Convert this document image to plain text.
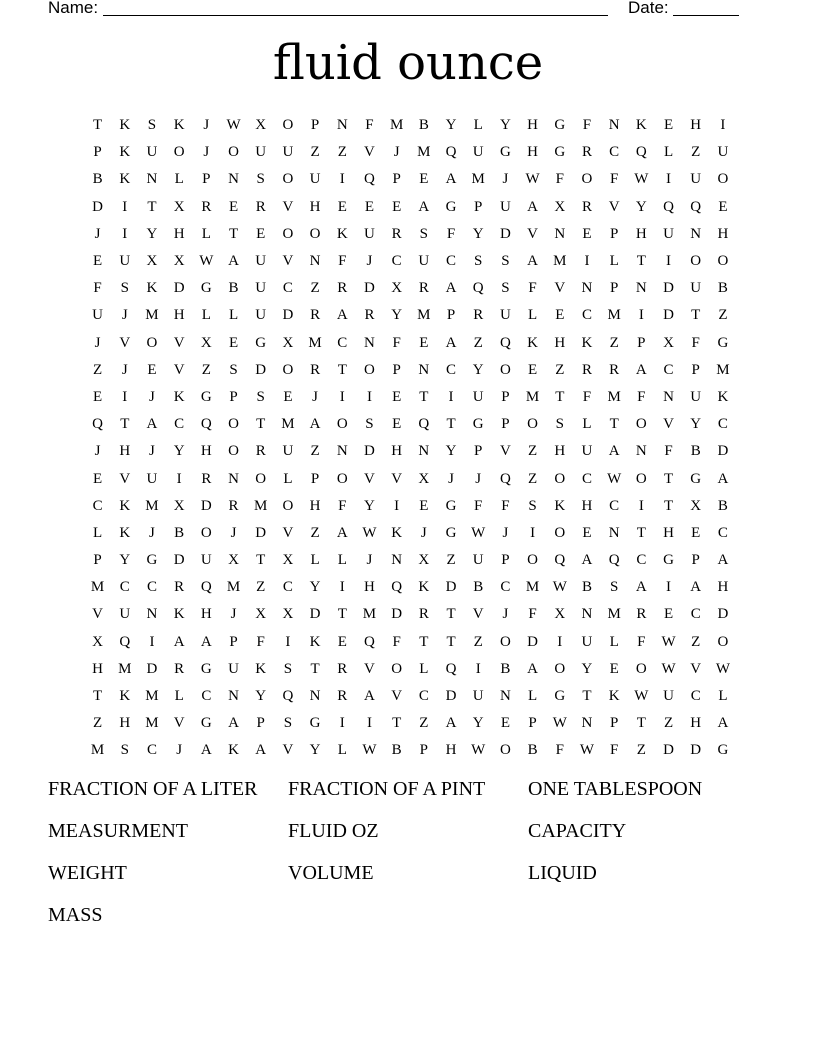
Name:	Date:
fluid ounce
T	K	S	K	J	W X	O	P	N	F	M	B	Y	L	Y	H	G	F	N	K	E	H	I
P	K	U	O	J	O	U	U	Z	Z	V	J	M	Q	U	G	H	G	R	C	Q	L	Z	U
B	K	N	L	P	N	S	O	U	I	Q	P	E	A	M	J	W	F	O	F	W	I	U	O
D	I	T	X	R	E	R	V	H	E	E	E	A	G	P	U	A	X	R	V	Y	Q	Q	E
J	I	Y	H	L	T	E	O	O	K	U	R	S	F	Y	D	V	N	E	P	H	U	N	H
E	U	X	X W A	U	V	N	F	J	C	U	C	S	S	A	M	I	L	T	I	O	O
F	S	K	D	G	B	U	C	Z	R	D	X	R	A	Q	S	F	V	N	P	N	D	U	B
U	J	M	H	L	L	U	D	R	A	R	Y	M	P	R	U	L	E	C	M	I	D	T	Z
J	V	O	V	X	E	G	X	M	C	N	F	E	A	Z	Q	K	H	K	Z	P	X	F	G
Z	J	E	V	Z	S	D	O	R	T	O	P	N	C	Y	O	E	Z	R	R	A	C	P	M
E	I	J	K	G	P	S	E	J	I	I	E	T	I	U	P	M	T	F	M	F	N	U	K
Q	T	A	C	Q	O	T	M	A	O	S	E	Q	T	G	P	O	S	L	T	O	V	Y	C
J	H	J	Y	H	O	R	U	Z	N	D	H	N	Y	P	V	Z	H	U	A	N	F	B	D
E	V	U	I	R	N	O	L	P	O	V	V	X	J	J	Q	Z	O	C	W O	T	G	A
C	K	M	X	D	R	M	O	H	F	Y	I	E	G	F	F	S	K	H	C	I	T	X	B
L	K	J	B	O	J	D	V	Z	A W K	J	G W	J	I	O	E	N	T	H	E	C
P	Y	G	D	U	X	T	X	L	L	J	N	X	Z	U	P	O	Q	A	Q	C	G	P	A
M	C	C	R	Q	M	Z	C	Y	I	H	Q	K	D	B	C	M W	B	S	A	I	A	H
V	U	N	K	H	J	X	X	D	T	M	D	R	T	V	J	F	X	N	M	R	E	C	D
X	Q	I	A	A	P	F	I	K	E	Q	F	T	T	Z	O	D	I	U	L	F	W	Z	O
H	M	D	R	G	U	K	S	T	R	V	O	L	Q	I	B	A	O	Y	E	O W V W
T	K	M	L	C	N	Y	Q	N	R	A	V	C	D	U	N	L	G	T	K W U	C	L
Z	H	M	V	G	A	P	S	G	I	I	T	Z	A	Y	E	P	W N	P	T	Z	H	A
M	S	C	J	A	K	A	V	Y	L	W	B	P	H W O	B	F	W	F	Z	D	D	G
FRACTION OF A LITER	FRACTION OF A PINT	ONE TABLESPOON
MEASURMENT	FLUID OZ	CAPACITY
WEIGHT	VOLUME	LIQUID
MASS
